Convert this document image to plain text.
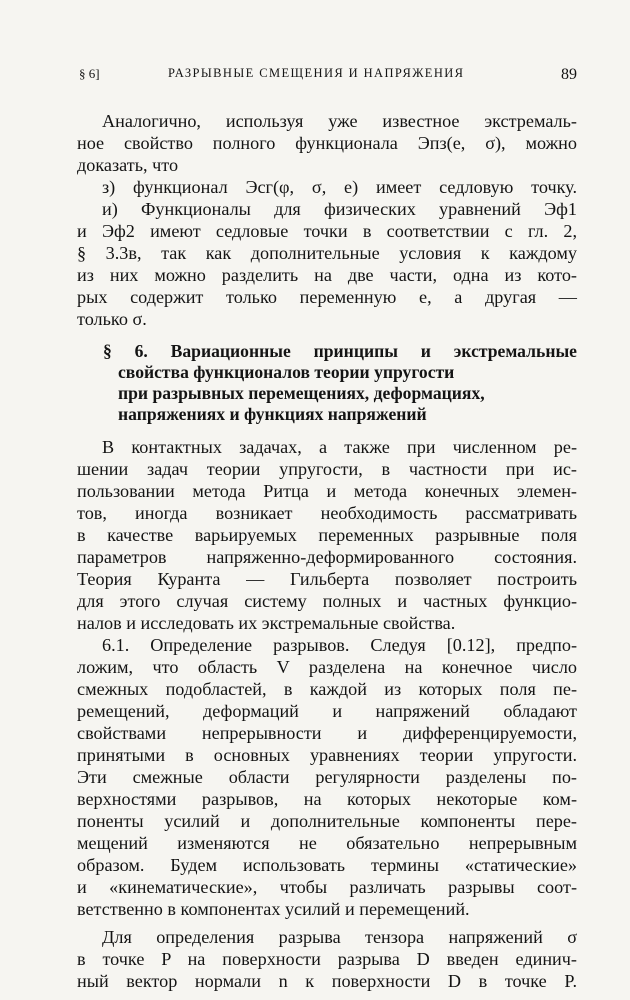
§ 6]	РАЗРЫВНЫЕ СМЕЩЕНИЯ И НАПРЯЖЕНИЯ	89
Аналогично, используя уже известное экстремаль-
ное свойство полного функционала Эпз(e, σ), можно
доказать, что
з) функционал Эсг(φ, σ, e) имеет седловую точку.
и) Функционалы для физических уравнений Эф1
и Эф2 имеют седловые точки в соответствии с гл. 2,
§ 3.3в, так как дополнительные условия к каждому
из них можно разделить на две части, одна из кото-
рых содержит только переменную e, а другая —
только σ.
§ 6. Вариационные принципы и экстремальные
свойства функционалов теории упругости
при разрывных перемещениях, деформациях,
напряжениях и функциях напряжений
В контактных задачах, а также при численном ре-
шении задач теории упругости, в частности при ис-
пользовании метода Ритца и метода конечных элемен-
тов, иногда возникает необходимость рассматривать
в качестве варьируемых переменных разрывные поля
параметров напряженно-деформированного состояния.
Теория Куранта — Гильберта позволяет построить
для этого случая систему полных и частных функцио-
налов и исследовать их экстремальные свойства.
6.1. Определение разрывов. Следуя [0.12], предпо-
ложим, что область V разделена на конечное число
смежных подобластей, в каждой из которых поля пе-
ремещений, деформаций и напряжений обладают
свойствами непрерывности и дифференцируемости,
принятыми в основных уравнениях теории упругости.
Эти смежные области регулярности разделены по-
верхностями разрывов, на которых некоторые ком-
поненты усилий и дополнительные компоненты пере-
мещений изменяются не обязательно непрерывным
образом. Будем использовать термины «статические»
и «кинематические», чтобы различать разрывы соот-
ветственно в компонентах усилий и перемещений.
Для определения разрыва тензора напряжений σ
в точке P на поверхности разрыва D введен единич-
ный вектор нормали n к поверхности D в точке P.
